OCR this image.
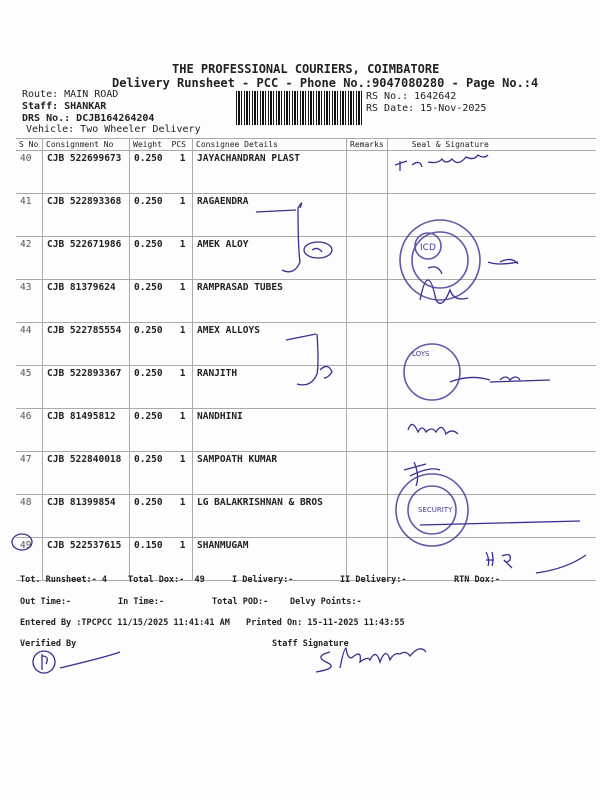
THE PROFESSIONAL COURIERS, COIMBATORE
Delivery Runsheet - PCC - Phone No.:9047080280 - Page No.:4
Route: MAIN ROAD
Staff: SHANKAR
DRS No.: DCJB164264204
Vehicle: Two Wheeler Delivery
RS No.: 1642642
RS Date: 15-Nov-2025
S No	Consignment No	Weight PCS	Consignee Details	Remarks	Seal & Signature
40	CJB 522699673	0.250 1	JAYACHANDRAN PLAST		
41	CJB 522893368	0.250 1	RAGAENDRA		
42	CJB 522671986	0.250 1	AMEK ALOY		
43	CJB 81379624	0.250 1	RAMPRASAD TUBES		
44	CJB 522785554	0.250 1	AMEX ALLOYS		
45	CJB 522893367	0.250 1	RANJITH		
46	CJB 81495812	0.250 1	NANDHINI		
47	CJB 522840018	0.250 1	SAMPOATH KUMAR		
48	CJB 81399854	0.250 1	LG BALAKRISHNAN & BROS		
49	CJB 522537615	0.150 1	SHANMUGAM		
ICD
LOYS
SECURITY
Tot. Runsheet:- 4 Total Dox:-  49	I Delivery:-	II Delivery:-	RTN Dox:-
Out Time:-	In Time:-	Total POD:-	Delvy Points:-
Entered By :TPCPCC 11/15/2025 11:41:41 AM Printed On: 15-11-2025 11:43:55
Verified By	Staff Signature
